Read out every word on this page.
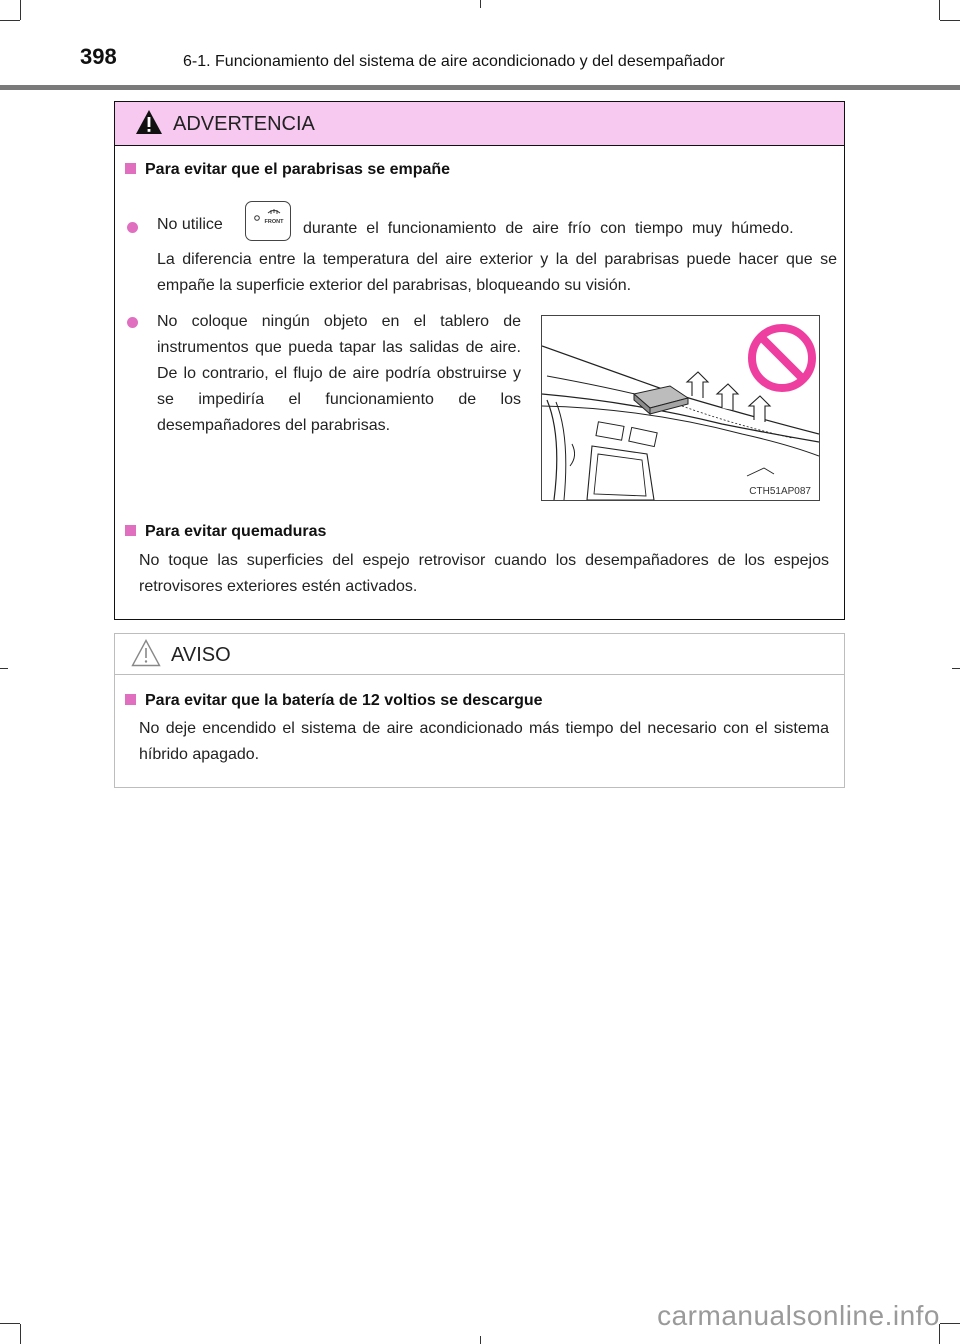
398	6-1. Funcionamiento del sistema de aire acondicionado y del desempañador
ADVERTENCIA
Para evitar que el parabrisas se empañe
No utilice	FRONT durante el funcionamiento de aire frío con tiempo muy húmedo.
La diferencia entre la temperatura del aire exterior y la del parabrisas puede hacer que se empañe la superficie exterior del parabrisas, bloqueando su visión.
No coloque ningún objeto en el tablero de instrumentos que pueda tapar las salidas de aire. De lo contrario, el flujo de aire podría obstruirse y se impediría el funcionamiento de los desempañadores del parabrisas.
CTH51AP087
Para evitar quemaduras
No toque las superficies del espejo retrovisor cuando los desempañadores de los espejos retrovisores exteriores estén activados.
AVISO
Para evitar que la batería de 12 voltios se descargue
No deje encendido el sistema de aire acondicionado más tiempo del necesario con el sistema híbrido apagado.
carmanualsonline.info
